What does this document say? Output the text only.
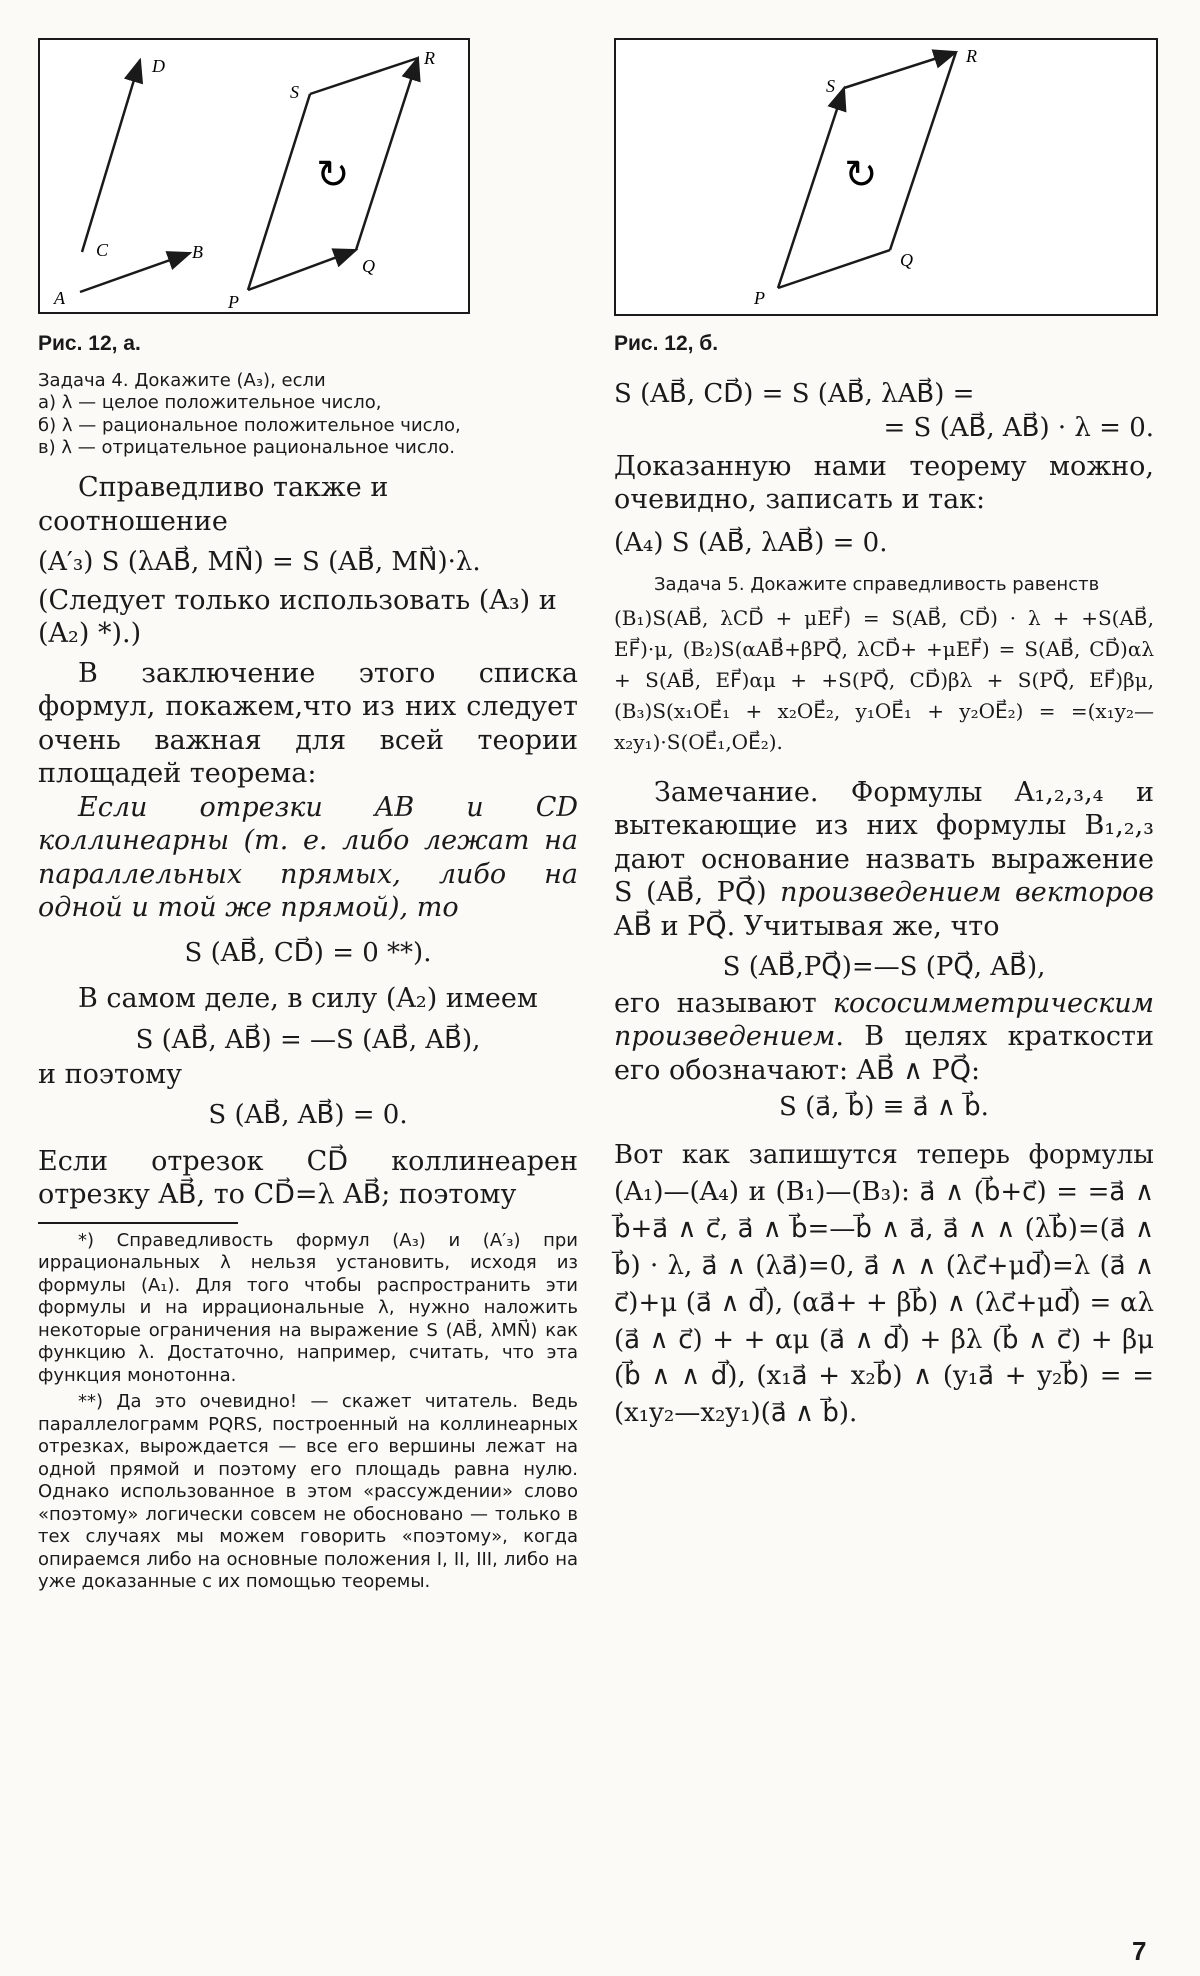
A
B
C
D
P
Q
R
S
↻
Рис. 12, а.
P
Q
R
S
↻
Рис. 12, б.

Задача 4. Докажите (A₃), если

а) λ — целое положительное число,

б) λ — рациональное положительное число,

в) λ — отрицательное рациональное число.

Справедливо также и соотношение

(A′₃) S (λAB⃗, MN⃗) = S (AB⃗, MN⃗)·λ.

(Следует только использовать (A₃) и (A₂) *).)

В заключение этого списка формул, покажем,что из них следует очень важная для всей теории площадей теорема:

Если отрезки AB и CD коллинеарны (т. е. либо лежат на параллельных прямых, либо на одной и той же прямой), то

S (AB⃗, CD⃗) = 0 **).

В самом деле, в силу (A₂) имеем

S (AB⃗, AB⃗) = —S (AB⃗, AB⃗),

и поэтому

S (AB⃗, AB⃗) = 0.

Если отрезок CD⃗ коллинеарен отрезку AB⃗, то CD⃗=λ AB⃗; поэтому

*) Справедливость формул (A₃) и (A′₃) при иррациональных λ нельзя установить, исходя из формулы (A₁). Для того чтобы распространить эти формулы и на иррациональные λ, нужно наложить некоторые ограничения на выражение S (AB⃗, λMN⃗) как функцию λ. Достаточно, например, считать, что эта функция монотонна.

**) Да это очевидно! — скажет читатель. Ведь параллелограмм PQRS, построенный на коллинеарных отрезках, вырождается — все его вершины лежат на одной прямой и поэтому его площадь равна нулю. Однако использованное в этом «рассуждении» слово «поэтому» логически совсем не обосновано — только в тех случаях мы можем говорить «поэтому», когда опираемся либо на основные положения I, II, III, либо на уже доказанные с их помощью теоремы.

S (AB⃗, CD⃗) = S (AB⃗, λAB⃗) =

= S (AB⃗, AB⃗) · λ = 0.

Доказанную нами теорему можно, очевидно, записать и так:

(A₄) S (AB⃗, λAB⃗) = 0.

Задача 5. Докажите справедливость равенств

(B₁)S(AB⃗, λCD⃗ + μEF⃗) = S(AB⃗, CD⃗) · λ + +S(AB⃗, EF⃗)·μ, (B₂)S(αAB⃗+βPQ⃗, λCD⃗+ +μEF⃗) = S(AB⃗, CD⃗)αλ + S(AB⃗, EF⃗)αμ + +S(PQ⃗, CD⃗)βλ + S(PQ⃗, EF⃗)βμ, (B₃)S(x₁OE⃗₁ + x₂OE⃗₂, y₁OE⃗₁ + y₂OE⃗₂) = =(x₁y₂—x₂y₁)·S(OE⃗₁,OE⃗₂).

Замечание. Формулы A₁,₂,₃,₄ и вытекающие из них формулы B₁,₂,₃ дают основание назвать выражение S (AB⃗, PQ⃗) произведением векторов AB⃗ и PQ⃗. Учитывая же, что

S (AB⃗,PQ⃗)=—S (PQ⃗, AB⃗),

его называют кососимметрическим произведением. В целях краткости его обозначают: AB⃗ ∧ PQ⃗:

S (a⃗, b⃗) ≡ a⃗ ∧ b⃗.

Вот как запишутся теперь формулы (A₁)—(A₄) и (B₁)—(B₃): a⃗ ∧ (b⃗+c⃗) = =a⃗ ∧ b⃗+a⃗ ∧ c⃗, a⃗ ∧ b⃗=—b⃗ ∧ a⃗, a⃗ ∧ ∧ (λb⃗)=(a⃗ ∧ b⃗) · λ, a⃗ ∧ (λa⃗)=0, a⃗ ∧ ∧ (λc⃗+μd⃗)=λ (a⃗ ∧ c⃗)+μ (a⃗ ∧ d⃗), (αa⃗+ + βb⃗) ∧ (λc⃗+μd⃗) = αλ (a⃗ ∧ c⃗) + + αμ (a⃗ ∧ d⃗) + βλ (b⃗ ∧ c⃗) + βμ (b⃗ ∧ ∧ d⃗), (x₁a⃗ + x₂b⃗) ∧ (y₁a⃗ + y₂b⃗) = =(x₁y₂—x₂y₁)(a⃗ ∧ b⃗).

7
